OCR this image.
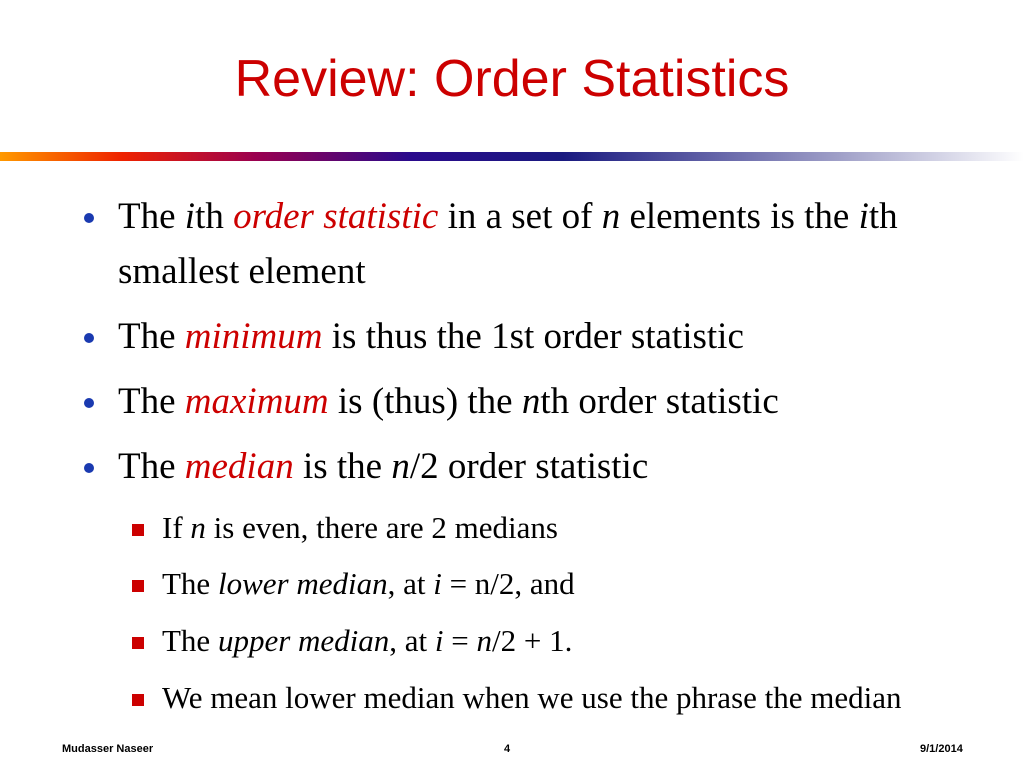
Review: Order Statistics
The ith order statistic in a set of n elements is the ith smallest element
The minimum is thus the 1st order statistic
The maximum is (thus) the nth order statistic
The median is the n/2 order statistic
If n is even, there are 2 medians
The lower median, at i = n/2, and
The upper median, at i = n/2 + 1.
We mean lower median when we use the phrase the median
Mudasser Naseer	4	9/1/2014
